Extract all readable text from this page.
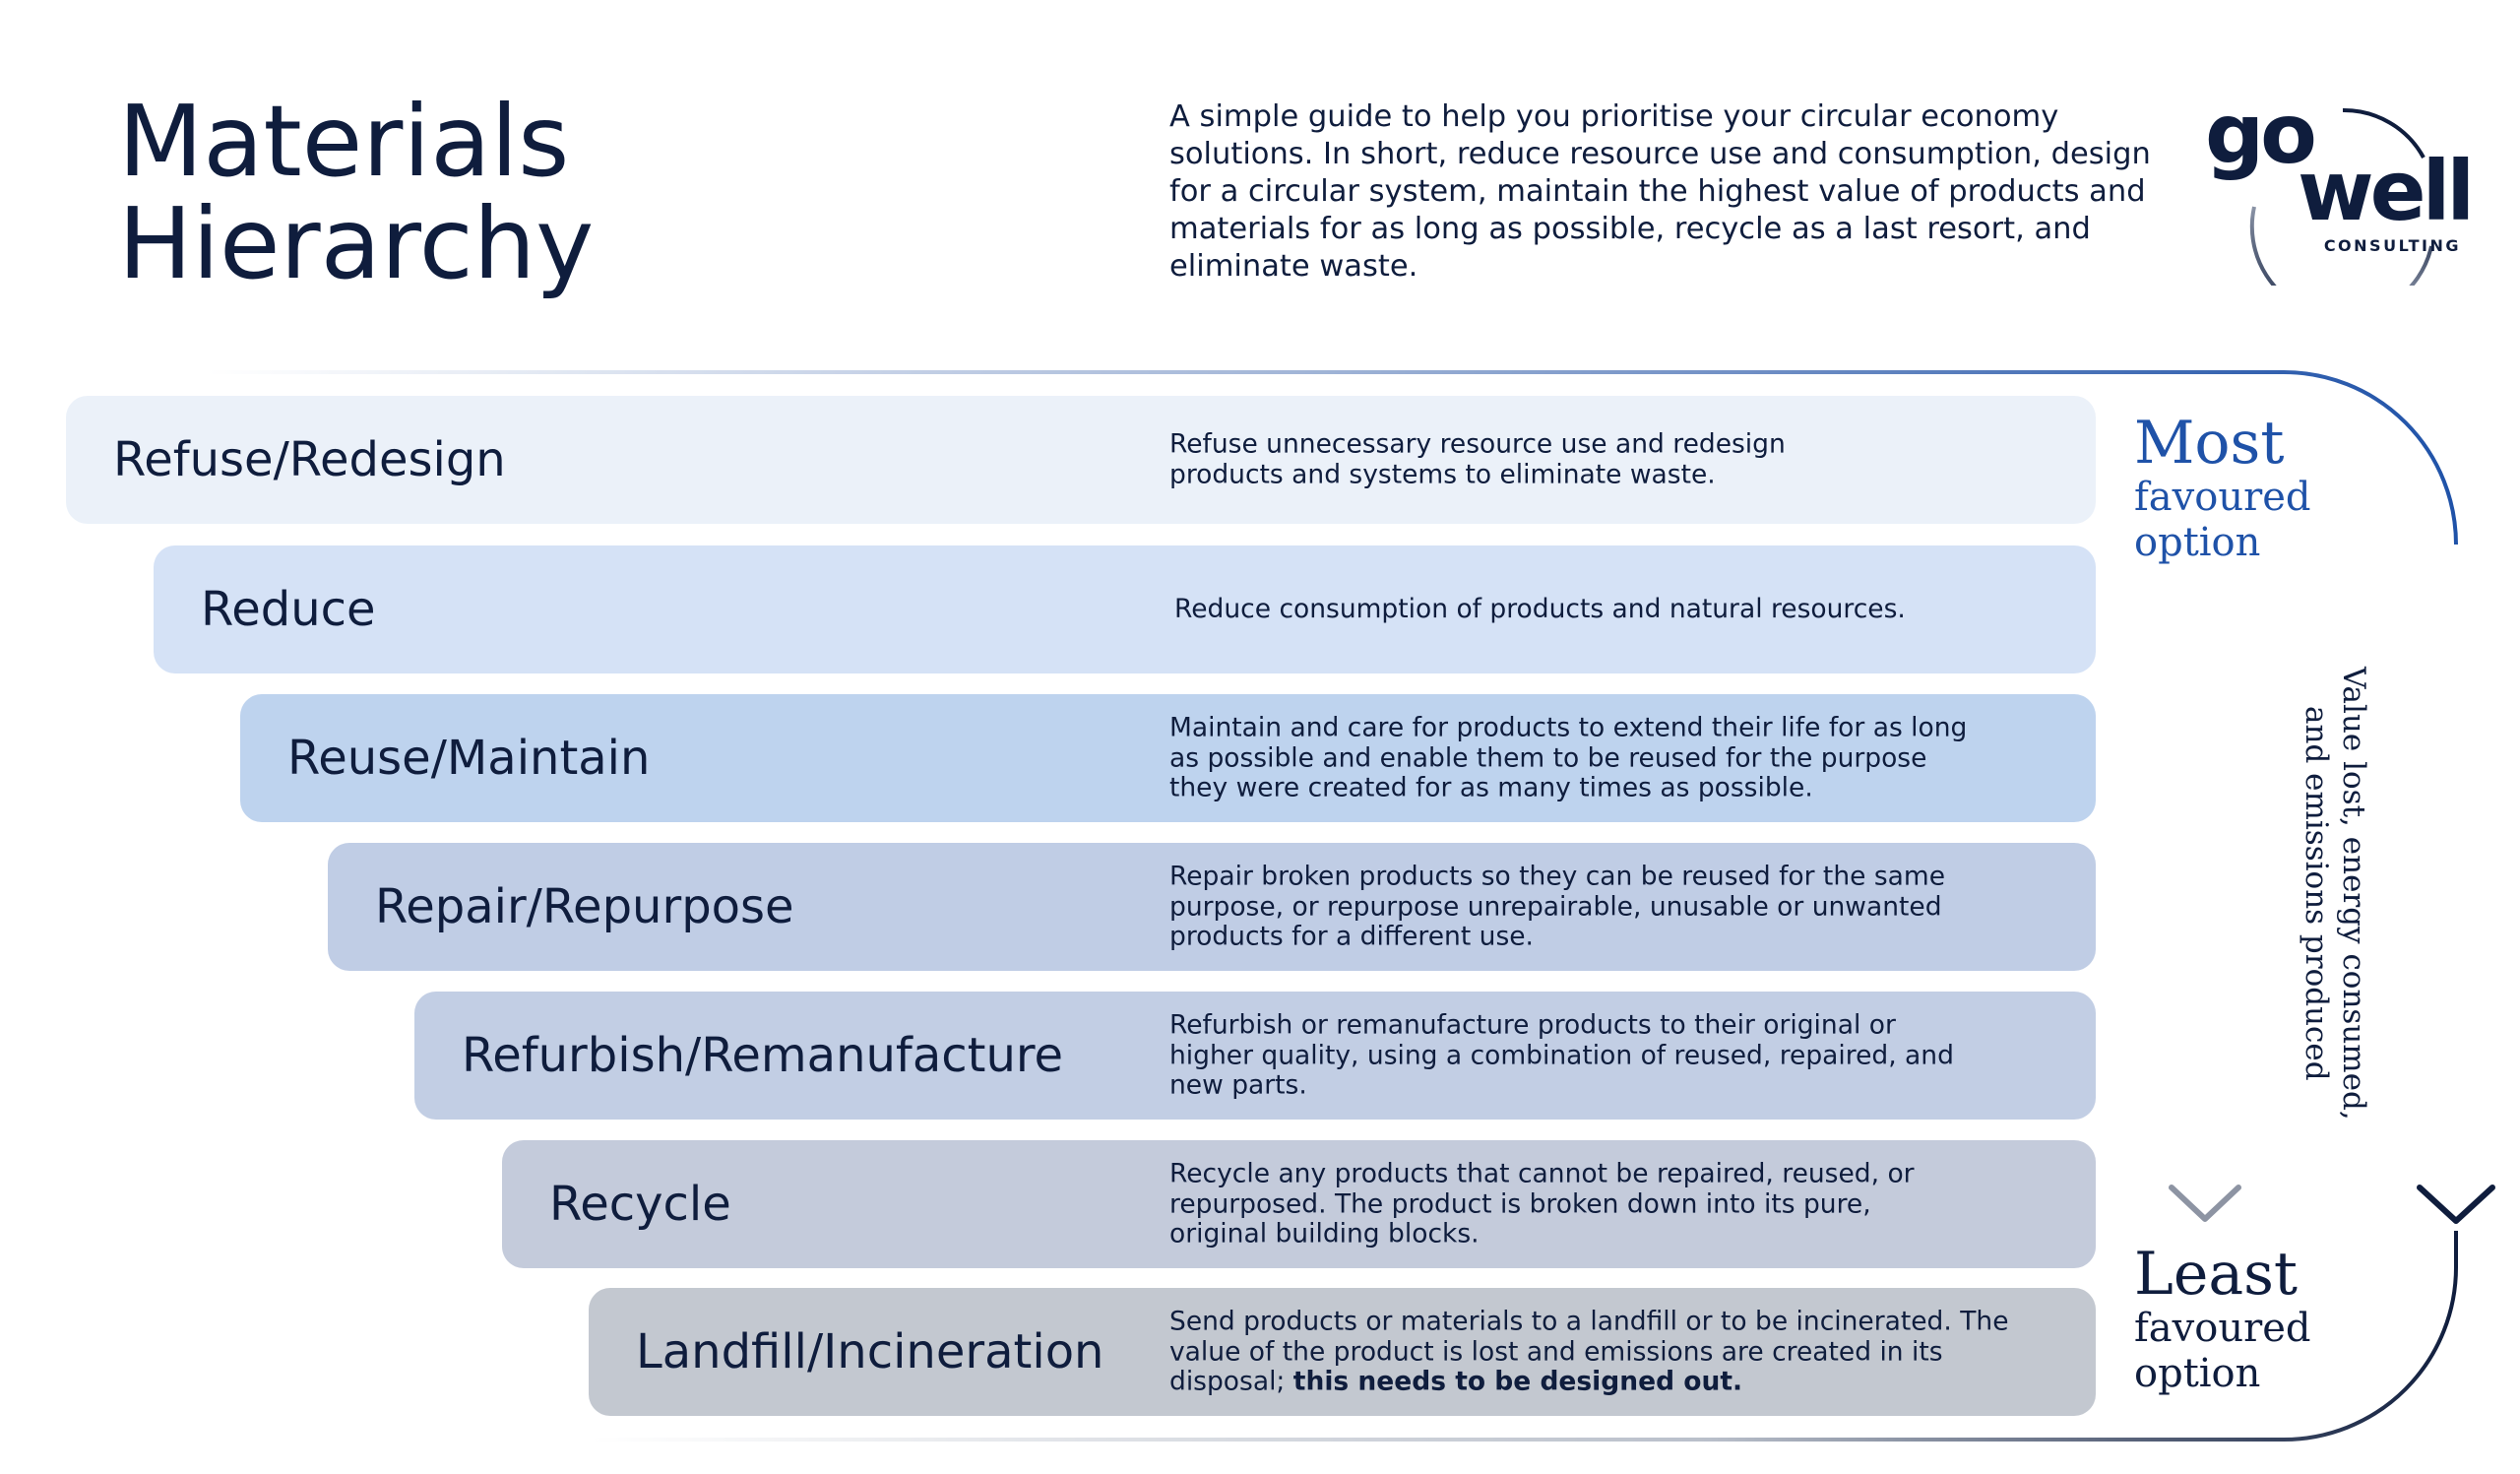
Materials
Hierarchy
A simple guide to help you prioritise your circular economy solutions. In short, reduce resource use and consumption, design for a circular system, maintain the highest value of products and materials for as long as possible, recycle as a last resort, and eliminate waste.
go
well
CONSULTING
Refuse/Redesign	Refuse unnecessary resource use and redesign products and systems to eliminate waste.
Reduce	Reduce consumption of products and natural resources.
Reuse/Maintain
Maintain and care for products to extend their life for as long as possible and enable them to be reused for the purpose they were created for as many times as possible.
Repair/Repurpose
Repair broken products so they can be reused for the same purpose, or repurpose unrepairable, unusable or unwanted products for a different use.
Refurbish/Remanufacture
Refurbish or remanufacture products to their original or higher quality, using a combination of reused, repaired, and new parts.
Recycle
Recycle any products that cannot be repaired, reused, or repurposed. The product is broken down into its pure, original building blocks.
Landfill/Incineration
Send products or materials to a landfill or to be incinerated. The value of the product is lost and emissions are created in its disposal; this needs to be designed out.
Most
favoured
option
Least
favoured
option
Value lost, energy consumed, and emissions produced
